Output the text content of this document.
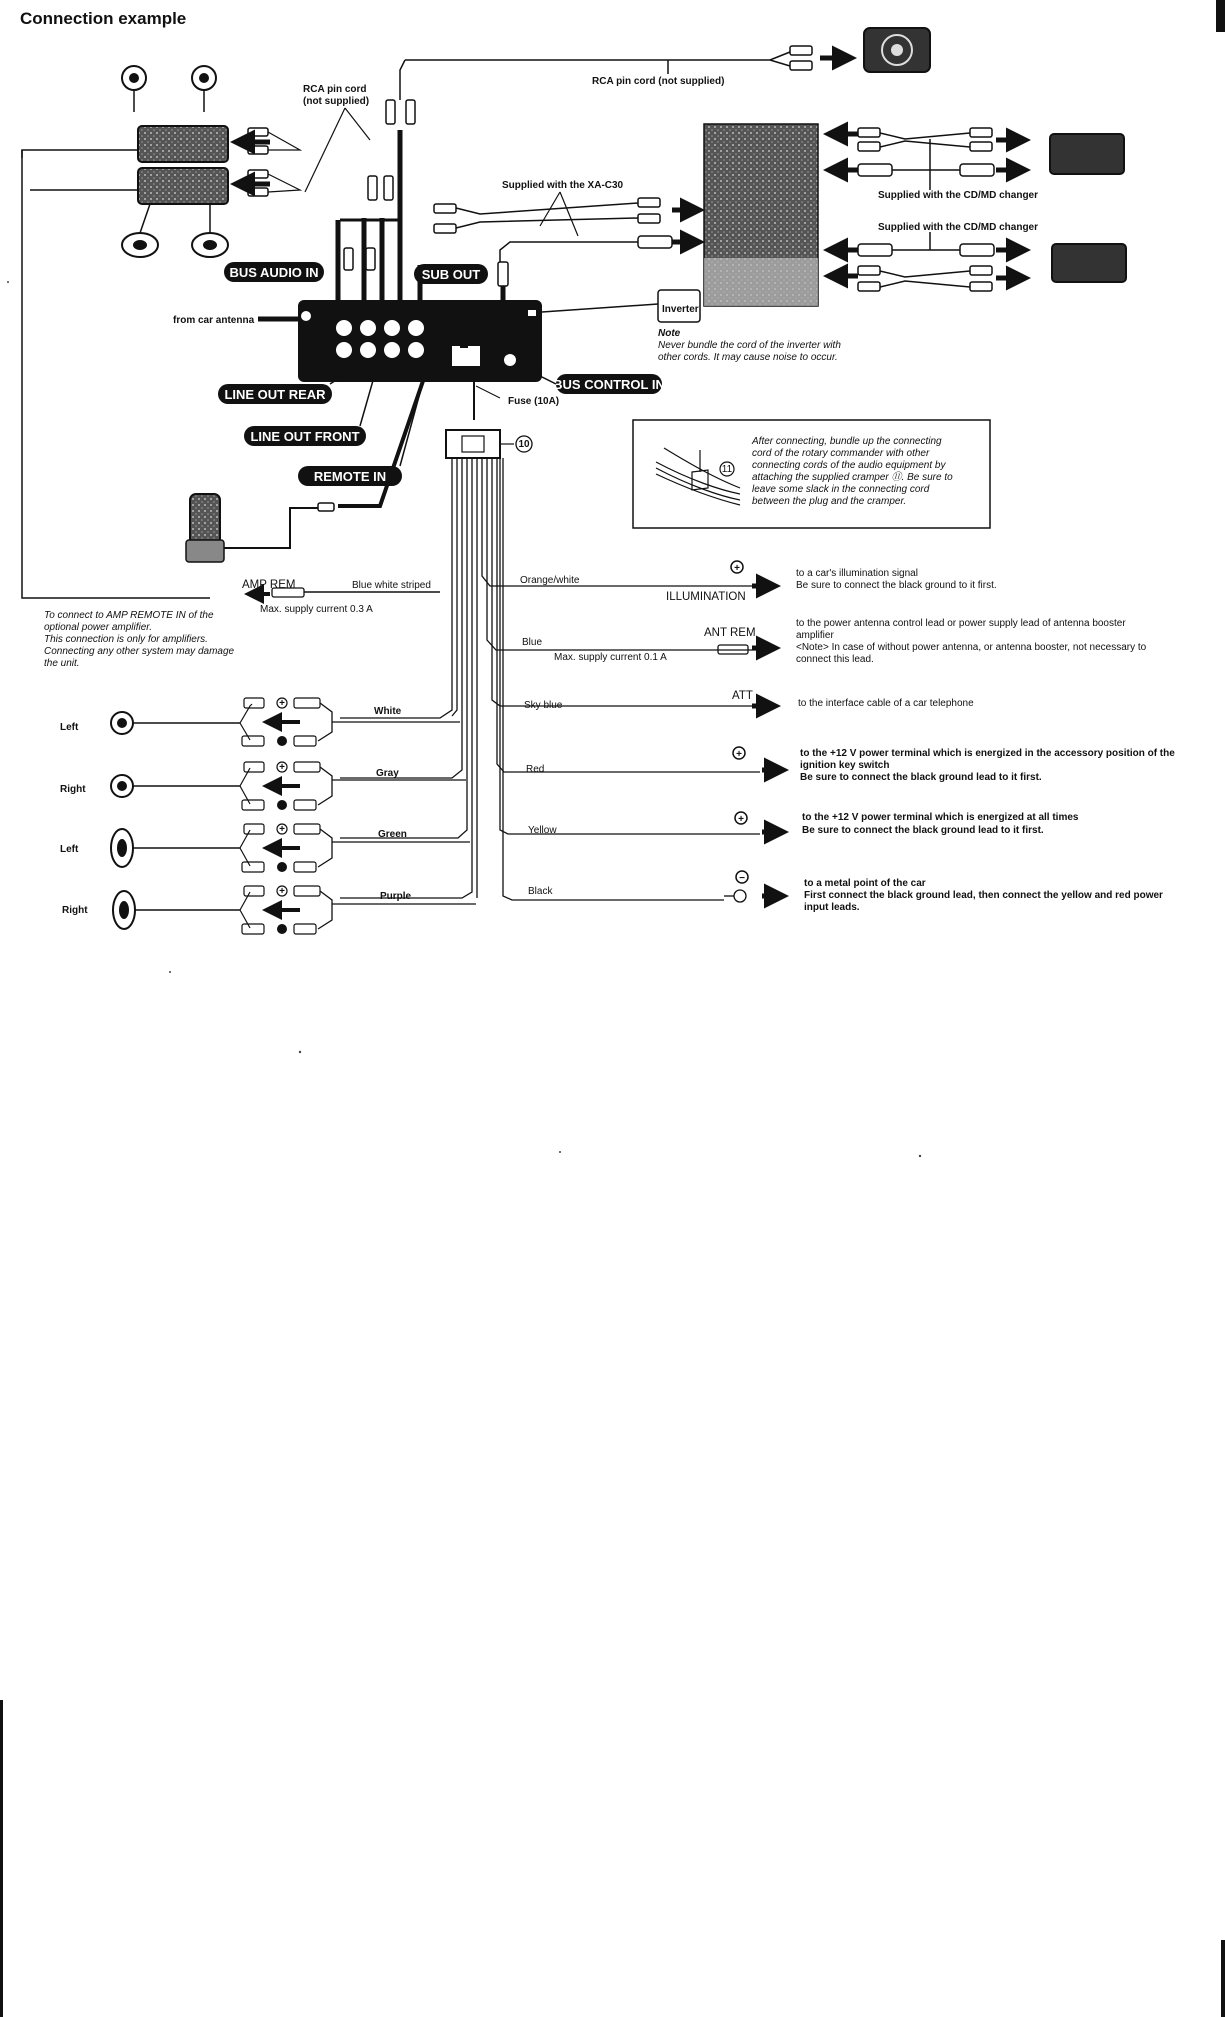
Connection example
RCA pin cord
(not supplied)
RCA pin cord (not supplied)
Supplied with the XA-C30
Supplied with the CD/MD changer
Supplied with the CD/MD changer
from car antenna
BUS AUDIO IN	SUB OUT
LINE OUT REAR
LINE OUT FRONT
REMOTE IN
BUS CONTROL IN
Inverter
Note
Never bundle the cord of the inverter with
other cords. It may cause noise to occur.
Fuse (10A)
10
11
After connecting, bundle up the connecting
cord of the rotary commander with other
connecting cords of the audio equipment by
attaching the supplied cramper ⑪. Be sure to
leave some slack in the connecting cord
between the plug and the cramper.
AMP REM	Blue white striped
Max. supply current 0.3 A
To connect to AMP REMOTE IN of the
optional power amplifier.
This connection is only for amplifiers.
Connecting any other system may damage
the unit.
Orange/white
ILLUMINATION
+	to a car's illumination signal
Be sure to connect the black ground to it first.
Blue
ANT REM
Max. supply current 0.1 A
to the power antenna control lead or power supply lead of antenna booster
amplifier
<Note> In case of without power antenna, or antenna booster, not necessary to
connect this lead.
Sky blue
ATT
to the interface cable of a car telephone
Red
+	to the +12 V power terminal which is energized in the accessory position of the
ignition key switch
Be sure to connect the black ground lead to it first.
Yellow
+	to the +12 V power terminal which is energized at all times
Be sure to connect the black ground lead to it first.
Black
−	to a metal point of the car
First connect the black ground lead, then connect the yellow and red power
input leads.
Left
+
White
Right
+
Gray
Left
+	Green
Right
+	Purple
